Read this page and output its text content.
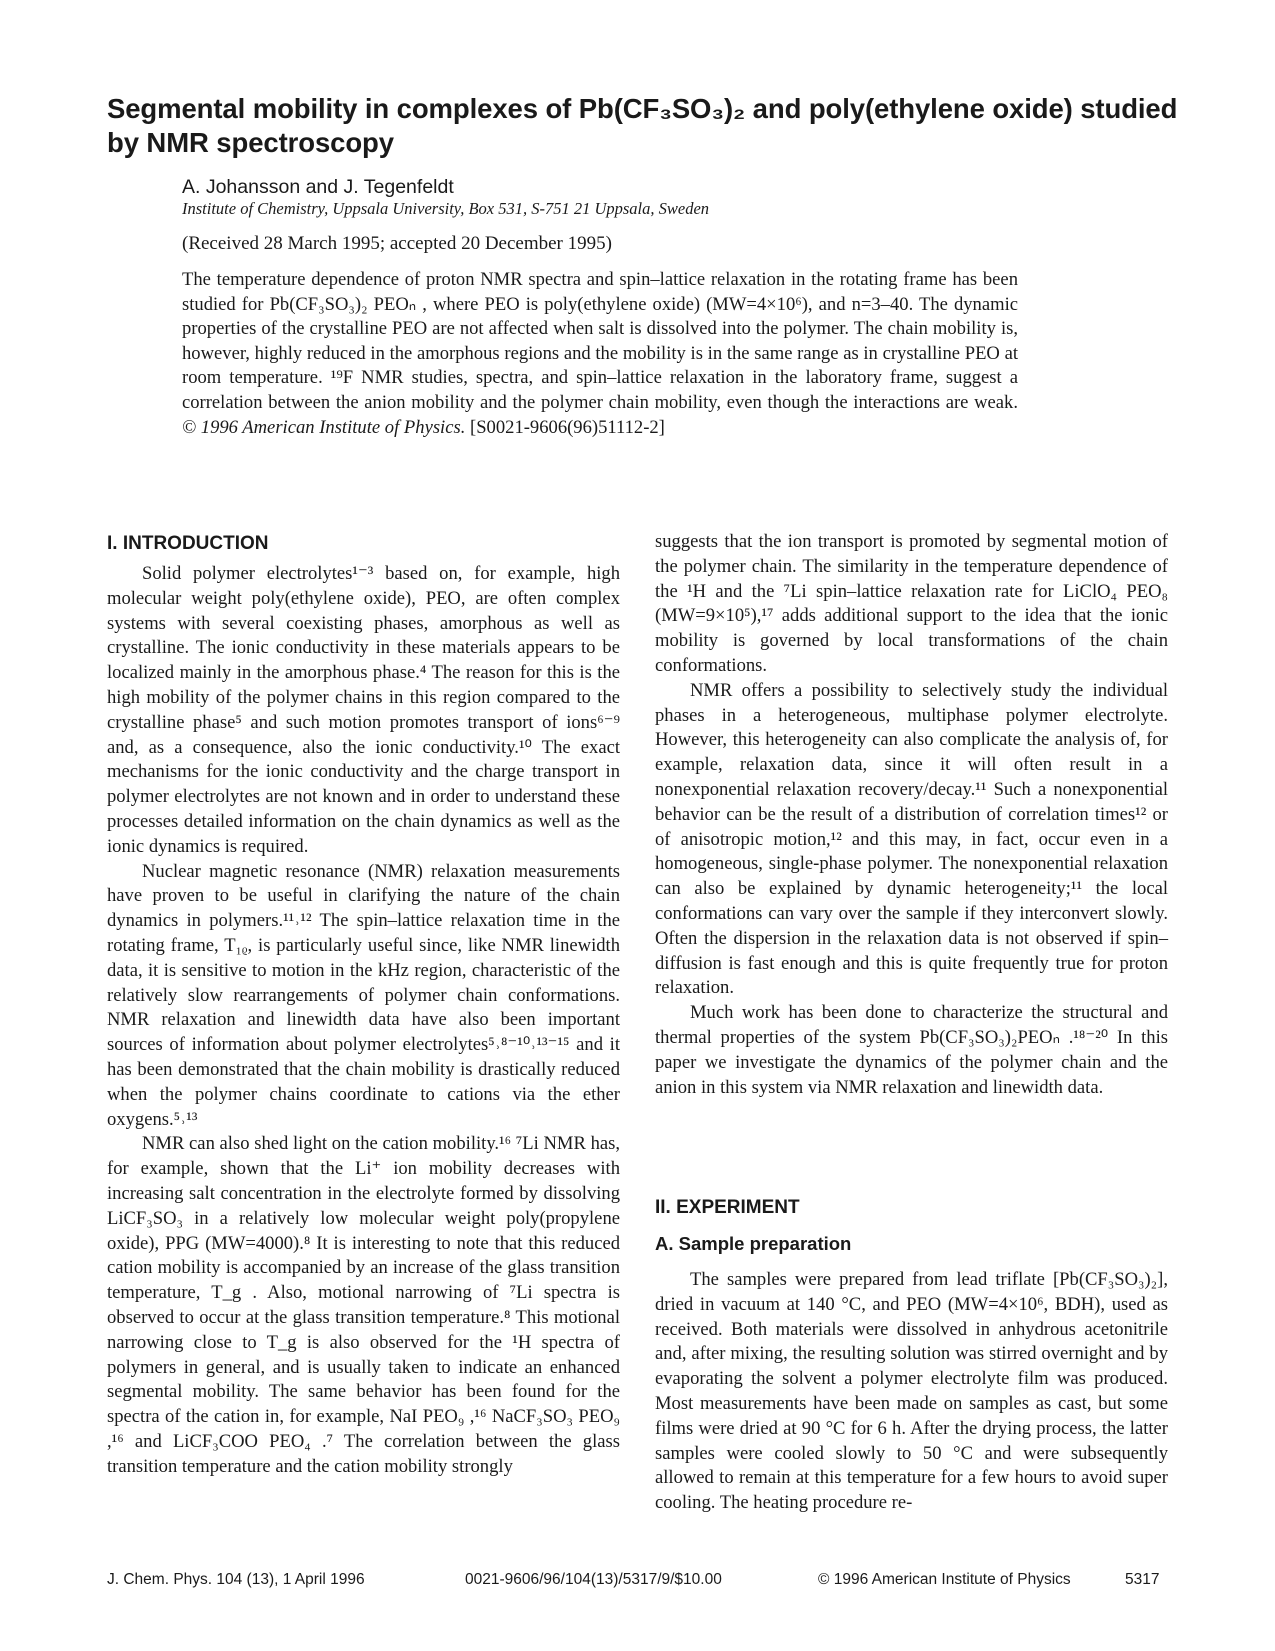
Segmental mobility in complexes of Pb(CF₃SO₃)₂ and poly(ethylene oxide) studied by NMR spectroscopy
A. Johansson and J. Tegenfeldt
Institute of Chemistry, Uppsala University, Box 531, S-751 21 Uppsala, Sweden
(Received 28 March 1995; accepted 20 December 1995)

The temperature dependence of proton NMR spectra and spin–lattice relaxation in the rotating frame has been studied for Pb(CF₃SO₃)₂ PEOₙ , where PEO is poly(ethylene oxide) (MW=4×10⁶), and n=3–40. The dynamic properties of the crystalline PEO are not affected when salt is dissolved into the polymer. The chain mobility is, however, highly reduced in the amorphous regions and the mobility is in the same range as in crystalline PEO at room temperature. ¹⁹F NMR studies, spectra, and spin–lattice relaxation in the laboratory frame, suggest a correlation between the anion mobility and the polymer chain mobility, even though the interactions are weak. © 1996 American Institute of Physics. [S0021-9606(96)51112-2]

I. INTRODUCTION

Solid polymer electrolytes¹⁻³ based on, for example, high molecular weight poly(ethylene oxide), PEO, are often complex systems with several coexisting phases, amorphous as well as crystalline. The ionic conductivity in these materials appears to be localized mainly in the amorphous phase.⁴ The reason for this is the high mobility of the polymer chains in this region compared to the crystalline phase⁵ and such motion promotes transport of ions⁶⁻⁹ and, as a consequence, also the ionic conductivity.¹⁰ The exact mechanisms for the ionic conductivity and the charge transport in polymer electrolytes are not known and in order to understand these processes detailed information on the chain dynamics as well as the ionic dynamics is required.

Nuclear magnetic resonance (NMR) relaxation measurements have proven to be useful in clarifying the nature of the chain dynamics in polymers.¹¹˒¹² The spin–lattice relaxation time in the rotating frame, T₁ᵨ, is particularly useful since, like NMR linewidth data, it is sensitive to motion in the kHz region, characteristic of the relatively slow rearrangements of polymer chain conformations. NMR relaxation and linewidth data have also been important sources of information about polymer electrolytes⁵˒⁸⁻¹⁰˒¹³⁻¹⁵ and it has been demonstrated that the chain mobility is drastically reduced when the polymer chains coordinate to cations via the ether oxygens.⁵˒¹³

NMR can also shed light on the cation mobility.¹⁶ ⁷Li NMR has, for example, shown that the Li⁺ ion mobility decreases with increasing salt concentration in the electrolyte formed by dissolving LiCF₃SO₃ in a relatively low molecular weight poly(propylene oxide), PPG (MW=4000).⁸ It is interesting to note that this reduced cation mobility is accompanied by an increase of the glass transition temperature, T_g . Also, motional narrowing of ⁷Li spectra is observed to occur at the glass transition temperature.⁸ This motional narrowing close to T_g is also observed for the ¹H spectra of polymers in general, and is usually taken to indicate an enhanced segmental mobility. The same behavior has been found for the spectra of the cation in, for example, NaI PEO₉ ,¹⁶ NaCF₃SO₃ PEO₉ ,¹⁶ and LiCF₃COO PEO₄ .⁷ The correlation between the glass transition temperature and the cation mobility strongly

suggests that the ion transport is promoted by segmental motion of the polymer chain. The similarity in the temperature dependence of the ¹H and the ⁷Li spin–lattice relaxation rate for LiClO₄ PEO₈ (MW=9×10⁵),¹⁷ adds additional support to the idea that the ionic mobility is governed by local transformations of the chain conformations.

NMR offers a possibility to selectively study the individual phases in a heterogeneous, multiphase polymer electrolyte. However, this heterogeneity can also complicate the analysis of, for example, relaxation data, since it will often result in a nonexponential relaxation recovery/decay.¹¹ Such a nonexponential behavior can be the result of a distribution of correlation times¹² or of anisotropic motion,¹² and this may, in fact, occur even in a homogeneous, single-phase polymer. The nonexponential relaxation can also be explained by dynamic heterogeneity;¹¹ the local conformations can vary over the sample if they interconvert slowly. Often the dispersion in the relaxation data is not observed if spin–diffusion is fast enough and this is quite frequently true for proton relaxation.

Much work has been done to characterize the structural and thermal properties of the system Pb(CF₃SO₃)₂PEOₙ .¹⁸⁻²⁰ In this paper we investigate the dynamics of the polymer chain and the anion in this system via NMR relaxation and linewidth data.

II. EXPERIMENT
A. Sample preparation

The samples were prepared from lead triflate [Pb(CF₃SO₃)₂], dried in vacuum at 140 °C, and PEO (MW=4×10⁶, BDH), used as received. Both materials were dissolved in anhydrous acetonitrile and, after mixing, the resulting solution was stirred overnight and by evaporating the solvent a polymer electrolyte film was produced. Most measurements have been made on samples as cast, but some films were dried at 90 °C for 6 h. After the drying process, the latter samples were cooled slowly to 50 °C and were subsequently allowed to remain at this temperature for a few hours to avoid super cooling. The heating procedure re-

J. Chem. Phys. 104 (13), 1 April 1996	0021-9606/96/104(13)/5317/9/$10.00	© 1996 American Institute of Physics	5317
